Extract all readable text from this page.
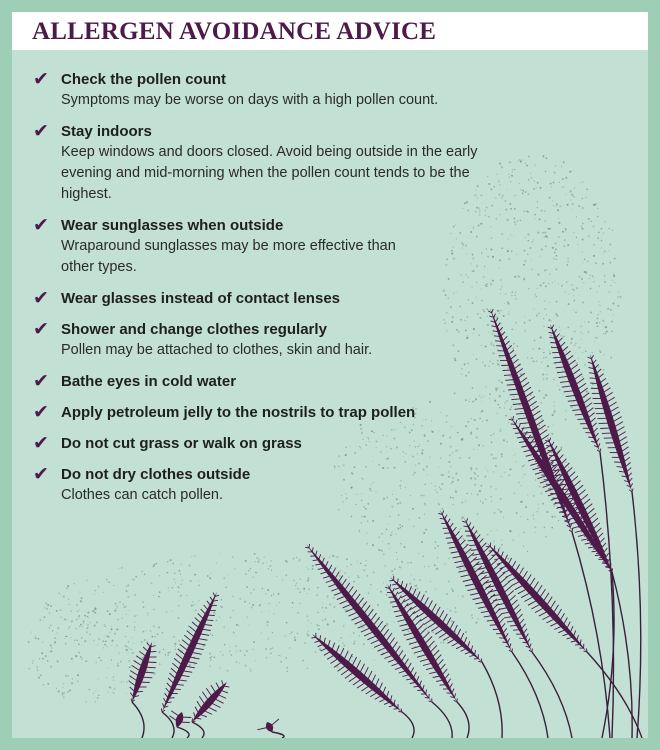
ALLERGEN AVOIDANCE ADVICE
✔ Check the pollen count
Symptoms may be worse on days with a high pollen count.
✔ Stay indoors
Keep windows and doors closed. Avoid being outside in the early evening and mid-morning when the pollen count tends to be the highest.
✔ Wear sunglasses when outside
Wraparound sunglasses may be more effective than other types.
✔ Wear glasses instead of contact lenses
✔ Shower and change clothes regularly
Pollen may be attached to clothes, skin and hair.
✔ Bathe eyes in cold water
✔ Apply petroleum jelly to the nostrils to trap pollen
✔ Do not cut grass or walk on grass
✔ Do not dry clothes outside
Clothes can catch pollen.
